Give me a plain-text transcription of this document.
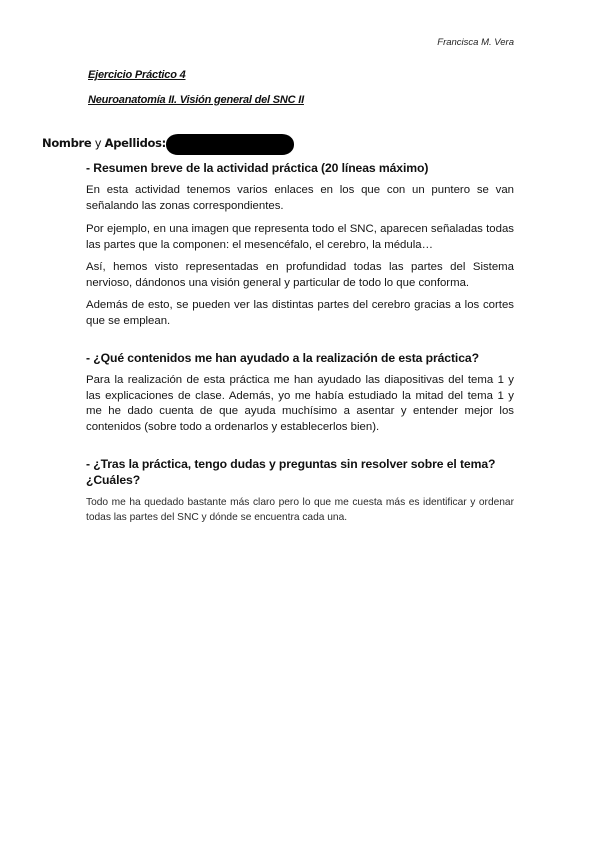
Francisca M. Vera
Ejercicio Práctico 4
Neuroanatomía II. Visión general del SNC II
Nombre y Apellidos:
- Resumen breve de la actividad práctica (20 líneas máximo)

En esta actividad tenemos varios enlaces en los que con un puntero se van señalando las zonas correspondientes.

Por ejemplo, en una imagen que representa todo el SNC, aparecen señaladas todas las partes que la componen: el mesencéfalo, el cerebro, la médula…

Así, hemos visto representadas en profundidad todas las partes del Sistema nervioso, dándonos una visión general y particular de todo lo que conforma.

Además de esto, se pueden ver las distintas partes del cerebro gracias a los cortes que se emplean.

- ¿Qué contenidos me han ayudado a la realización de esta práctica?

Para la realización de esta práctica me han ayudado las diapositivas del tema 1 y las explicaciones de clase. Además, yo me había estudiado la mitad del tema 1 y me he dado cuenta de que ayuda muchísimo a asentar y entender mejor los contenidos (sobre todo a ordenarlos y establecerlos bien).

- ¿Tras la práctica, tengo dudas y preguntas sin resolver sobre el tema? ¿Cuáles?

Todo me ha quedado bastante más claro pero lo que me cuesta más es identificar y ordenar todas las partes del SNC y dónde se encuentra cada una.
